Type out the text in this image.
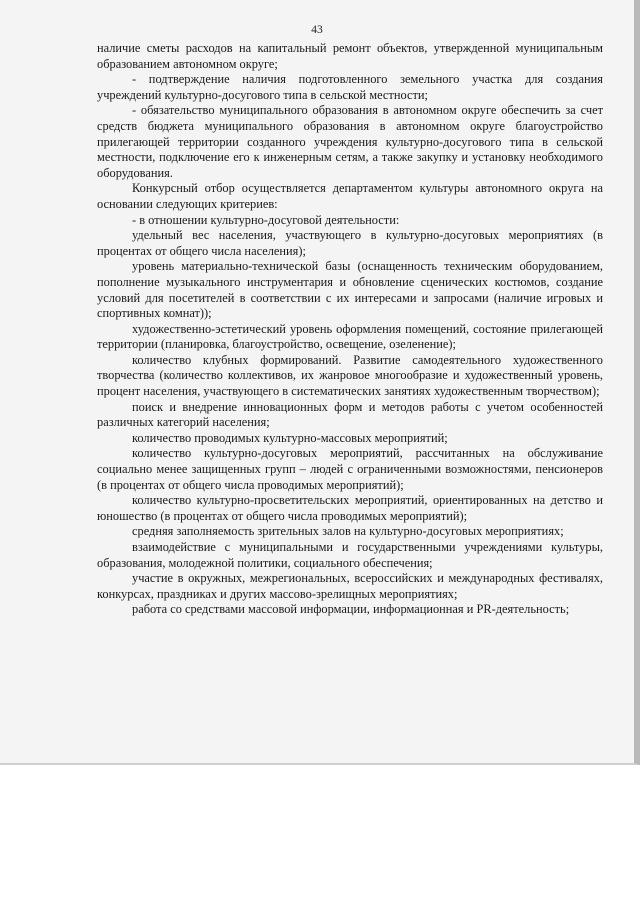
43

наличие сметы расходов на капитальный ремонт объектов, утвержденной муниципальным образованием автономном округе;

- подтверждение наличия подготовленного земельного участка для создания учреждений культурно-досугового типа в сельской местности;

- обязательство муниципального образования в автономном округе обеспечить за счет средств бюджета муниципального образования в автономном округе благоустройство прилегающей территории созданного учреждения культурно-досугового типа в сельской местности, подключение его к инженерным сетям, а также закупку и установку необходимого оборудования.

Конкурсный отбор осуществляется департаментом культуры автономного округа на основании следующих критериев:

- в отношении культурно-досуговой деятельности:

удельный вес населения, участвующего в культурно-досуговых мероприятиях (в процентах от общего числа населения);

уровень материально-технической базы (оснащенность техническим оборудованием, пополнение музыкального инструментария и обновление сценических костюмов, создание условий для посетителей в соответствии с их интересами и запросами (наличие игровых и спортивных комнат));

художественно-эстетический уровень оформления помещений, состояние прилегающей территории (планировка, благоустройство, освещение, озеленение);

количество клубных формирований. Развитие самодеятельного художественного творчества (количество коллективов, их жанровое многообразие и художественный уровень, процент населения, участвующего в систематических занятиях художественным творчеством);

поиск и внедрение инновационных форм и методов работы с учетом особенностей различных категорий населения;

количество проводимых культурно-массовых мероприятий;

количество культурно-досуговых мероприятий, рассчитанных на обслуживание социально менее защищенных групп – людей с ограниченными возможностями, пенсионеров (в процентах от общего числа проводимых мероприятий);

количество культурно-просветительских мероприятий, ориентированных на детство и юношество (в процентах от общего числа проводимых мероприятий);

средняя заполняемость зрительных залов на культурно-досуговых мероприятиях;

взаимодействие с муниципальными и государственными учреждениями культуры, образования, молодежной политики, социального обеспечения;

участие в окружных, межрегиональных, всероссийских и международных фестивалях, конкурсах, праздниках и других массово-зрелищных мероприятиях;

работа со средствами массовой информации, информационная и PR-деятельность;
